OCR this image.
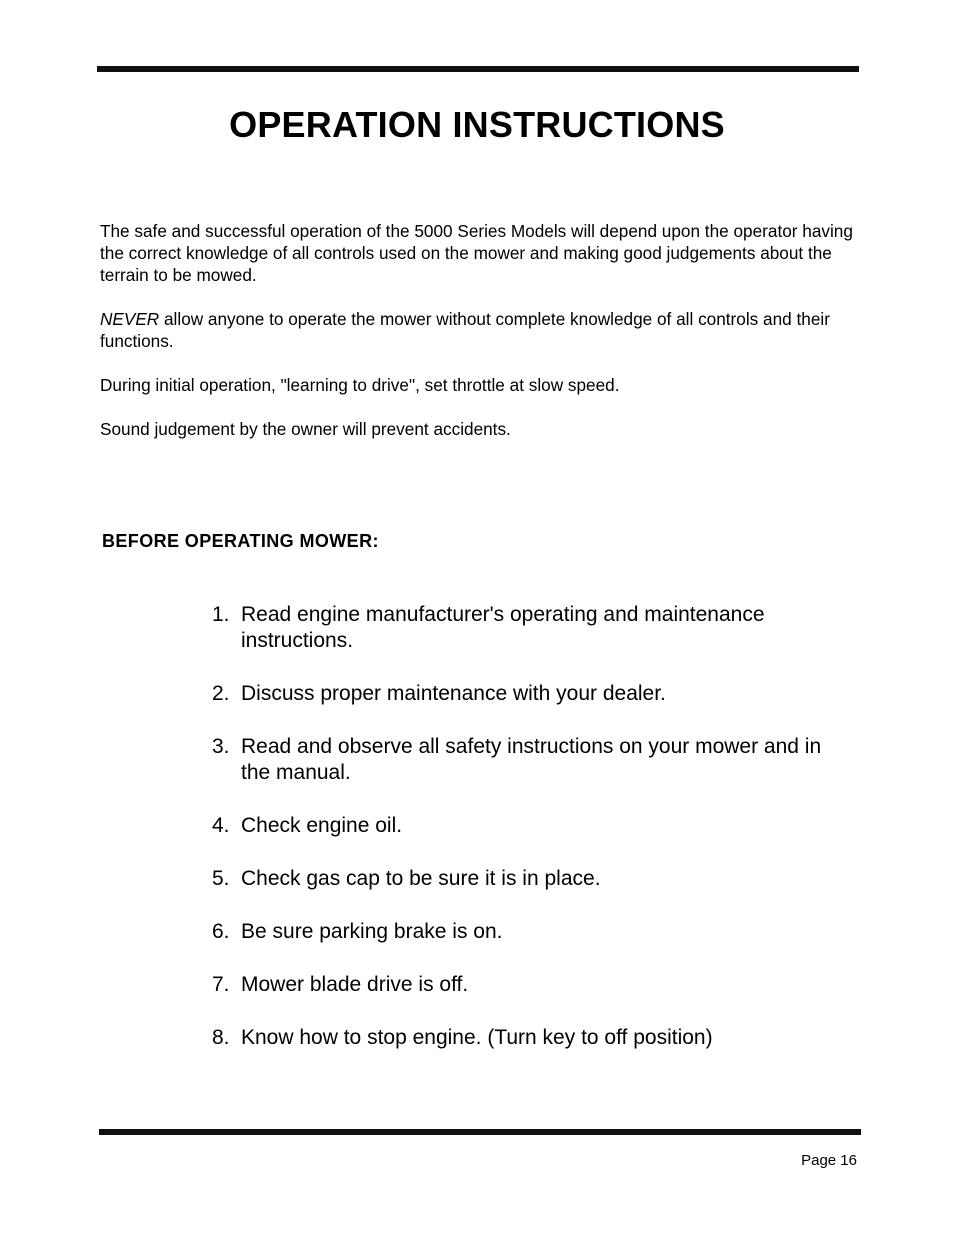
OPERATION INSTRUCTIONS

The safe and successful operation of the 5000 Series Models will depend upon the operator having the correct knowledge of all controls used on the mower and making good judgements about the terrain to be mowed.

NEVER allow anyone to operate the mower without complete knowledge of all controls and their functions.

During initial operation, "learning to drive", set throttle at slow speed.

Sound judgement by the owner will prevent accidents.

BEFORE OPERATING MOWER:
1. Read engine manufacturer's operating and maintenance instructions.
2. Discuss proper maintenance with your dealer.
3. Read and observe all safety instructions on your mower and in the manual.
4. Check engine oil.
5. Check gas cap to be sure it is in place.
6. Be sure parking brake is on.
7. Mower blade drive is off.
8. Know how to stop engine. (Turn key to off position)
Page 16
